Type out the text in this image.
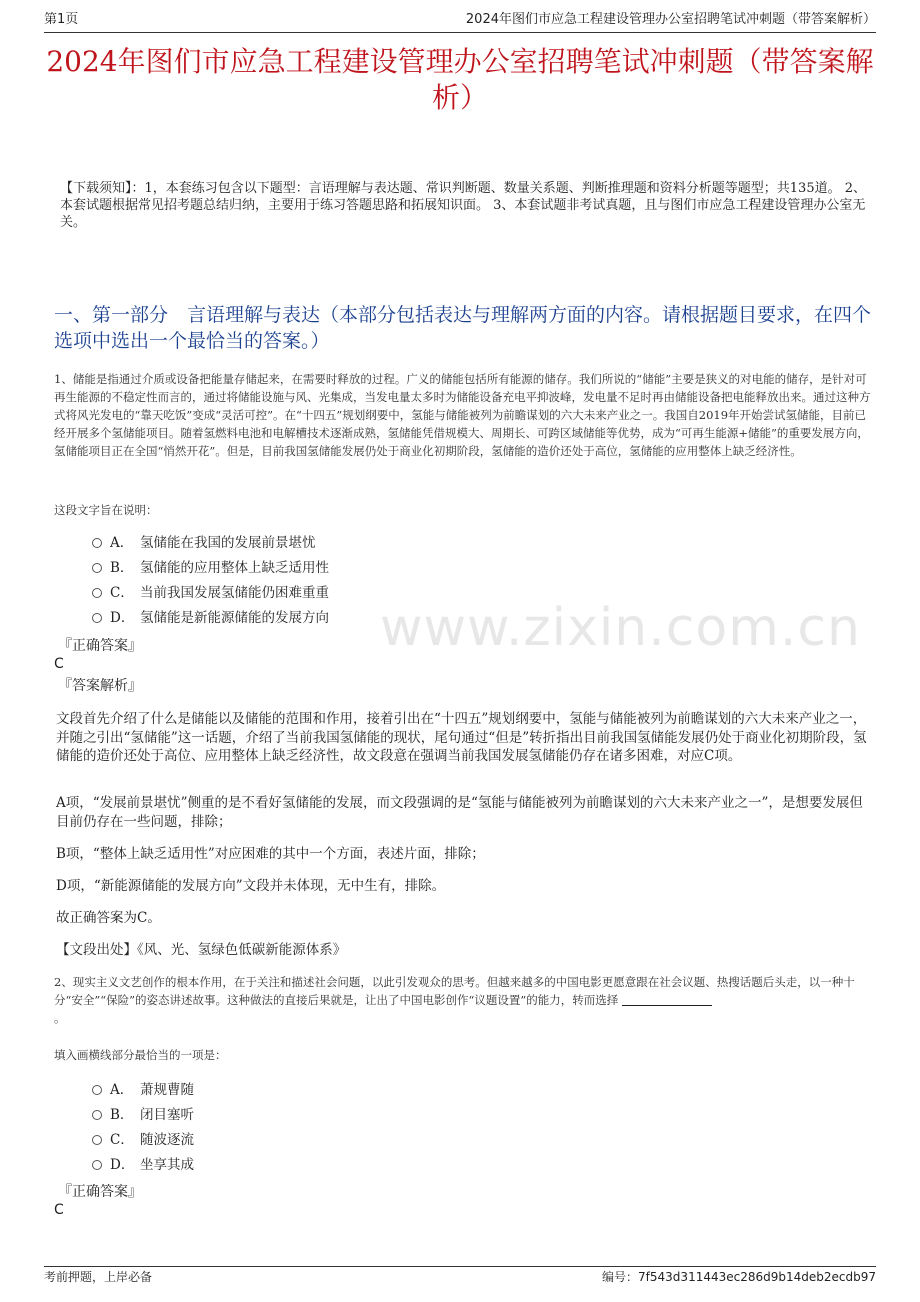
第1页	2024年图们市应急工程建设管理办公室招聘笔试冲刺题（带答案解析）
2024年图们市应急工程建设管理办公室招聘笔试冲刺题（带答案解析）
【下载须知】：1，本套练习包含以下题型：言语理解与表达题、常识判断题、数量关系题、判断推理题和资料分析题等题型；共135道。 2、本套试题根据常见招考题总结归纳，主要用于练习答题思路和拓展知识面。 3、本套试题非考试真题，且与图们市应急工程建设管理办公室无关。
一、第一部分　言语理解与表达（本部分包括表达与理解两方面的内容。请根据题目要求，在四个选项中选出一个最恰当的答案。）
1、储能是指通过介质或设备把能量存储起来，在需要时释放的过程。广义的储能包括所有能源的储存。我们所说的“储能”主要是狭义的对电能的储存，是针对可再生能源的不稳定性而言的，通过将储能设施与风、光集成，当发电量太多时为储能设备充电平抑波峰，发电量不足时再由储能设备把电能释放出来。通过这种方式将风光发电的“靠天吃饭”变成“灵活可控”。在“十四五”规划纲要中，氢能与储能被列为前瞻谋划的六大未来产业之一。我国自2019年开始尝试氢储能，目前已经开展多个氢储能项目。随着氢燃料电池和电解槽技术逐渐成熟，氢储能凭借规模大、周期长、可跨区域储能等优势，成为“可再生能源+储能”的重要发展方向，氢储能项目正在全国“悄然开花”。但是，目前我国氢储能发展仍处于商业化初期阶段，氢储能的造价还处于高位，氢储能的应用整体上缺乏经济性。
这段文字旨在说明：
A． 氢储能在我国的发展前景堪忧
B． 氢储能的应用整体上缺乏适用性
C． 当前我国发展氢储能仍困难重重
D． 氢储能是新能源储能的发展方向 www.zixin.com.cn
『正确答案』
C
『答案解析』
文段首先介绍了什么是储能以及储能的范围和作用，接着引出在“十四五”规划纲要中，氢能与储能被列为前瞻谋划的六大未来产业之一，并随之引出“氢储能”这一话题，介绍了当前我国氢储能的现状，尾句通过“但是”转折指出目前我国氢储能发展仍处于商业化初期阶段，氢储能的造价还处于高位、应用整体上缺乏经济性，故文段意在强调当前我国发展氢储能仍存在诸多困难，对应C项。
A项，“发展前景堪忧”侧重的是不看好氢储能的发展，而文段强调的是“氢能与储能被列为前瞻谋划的六大未来产业之一”，是想要发展但目前仍存在一些问题，排除；
B项，“整体上缺乏适用性”对应困难的其中一个方面，表述片面，排除；
D项，“新能源储能的发展方向”文段并未体现，无中生有，排除。
故正确答案为C。
【文段出处】《风、光、氢绿色低碳新能源体系》
2、现实主义文艺创作的根本作用，在于关注和描述社会问题，以此引发观众的思考。但越来越多的中国电影更愿意跟在社会议题、热搜话题后头走，以一种十分“安全”“保险”的姿态讲述故事。这种做法的直接后果就是，让出了中国电影创作“议题设置”的能力，转而选择
。
填入画横线部分最恰当的一项是：
A． 萧规曹随
B． 闭目塞听
C． 随波逐流
D． 坐享其成
『正确答案』
C
考前押题，上岸必备	编号：7f543d311443ec286d9b14deb2ecdb97
